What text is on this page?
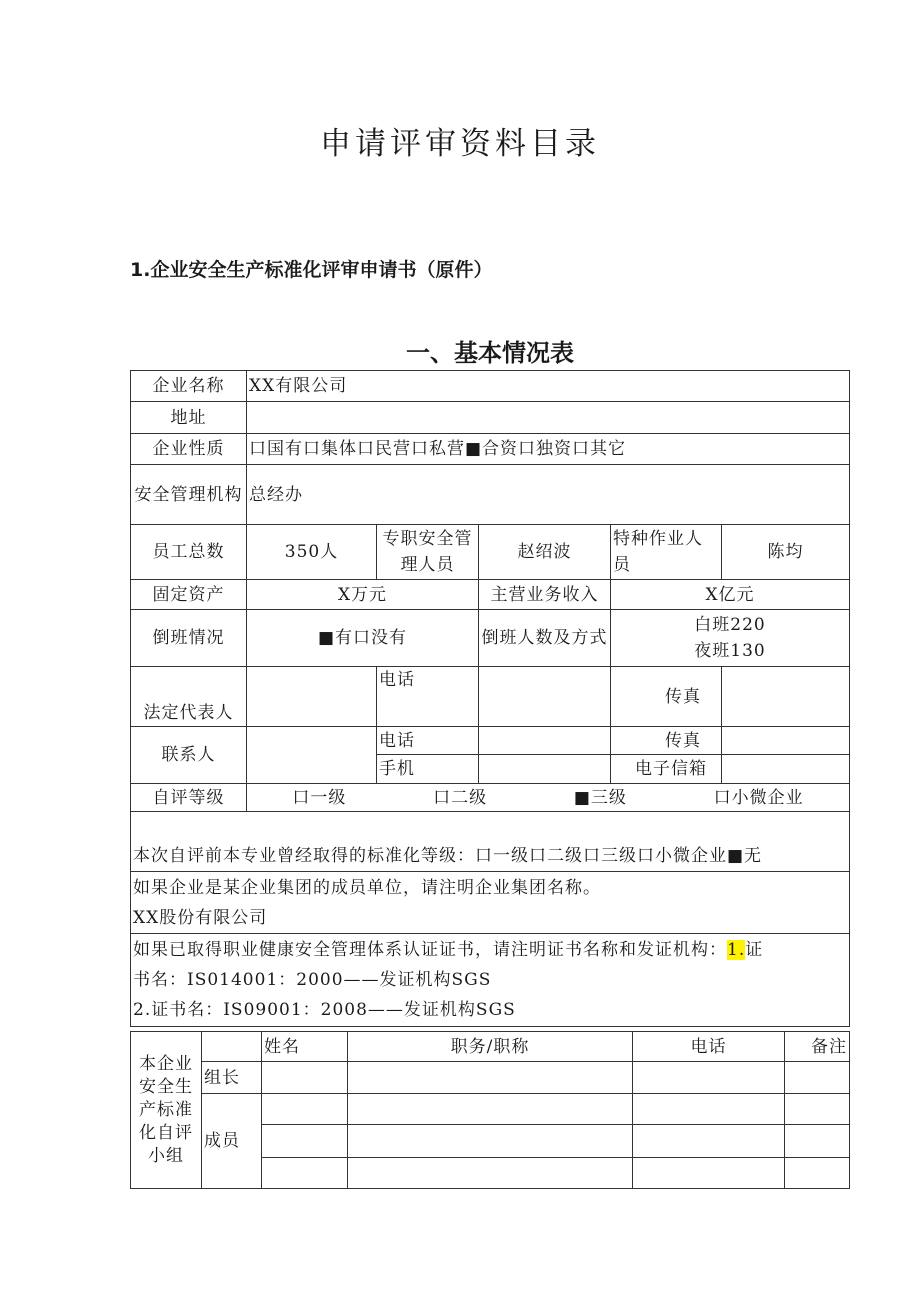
申请评审资料目录
1.企业安全生产标准化评审申请书（原件）
一、基本情况表
企业名称	XX有限公司				
地址					
企业性质	口国有口集体口民营口私营■合资口独资口其它				
安全管理机构	总经办				
员工总数	350人	专职安全管理人员	赵绍波	特种作业人员	陈均
固定资产	X万元		主营业务收入	X亿元	
倒班情况	■有口没有		倒班人数及方式	白班220
夜班130	

法定代表人		电话		传真	
联系人		电话		传真	
		手机		电子信箱	
自评等级	口一级 口二级 ■三级 口小微企业				

本次自评前本专业曾经取得的标准化等级：口一级口二级口三级口小微企业■无					

如果企业是某企业集团的成员单位，请注明企业集团名称。
XX股份有限公司					

如果已取得职业健康安全管理体系认证证书，请注明证书名称和发证机构：1.证
书名：IS014001：2000——发证机构SGS
2.证书名：IS09001：2008——发证机构SGS					
本企业安全生产标准化自评小组		姓名	职务/职称	电话	备注
	组长				
	成员				
